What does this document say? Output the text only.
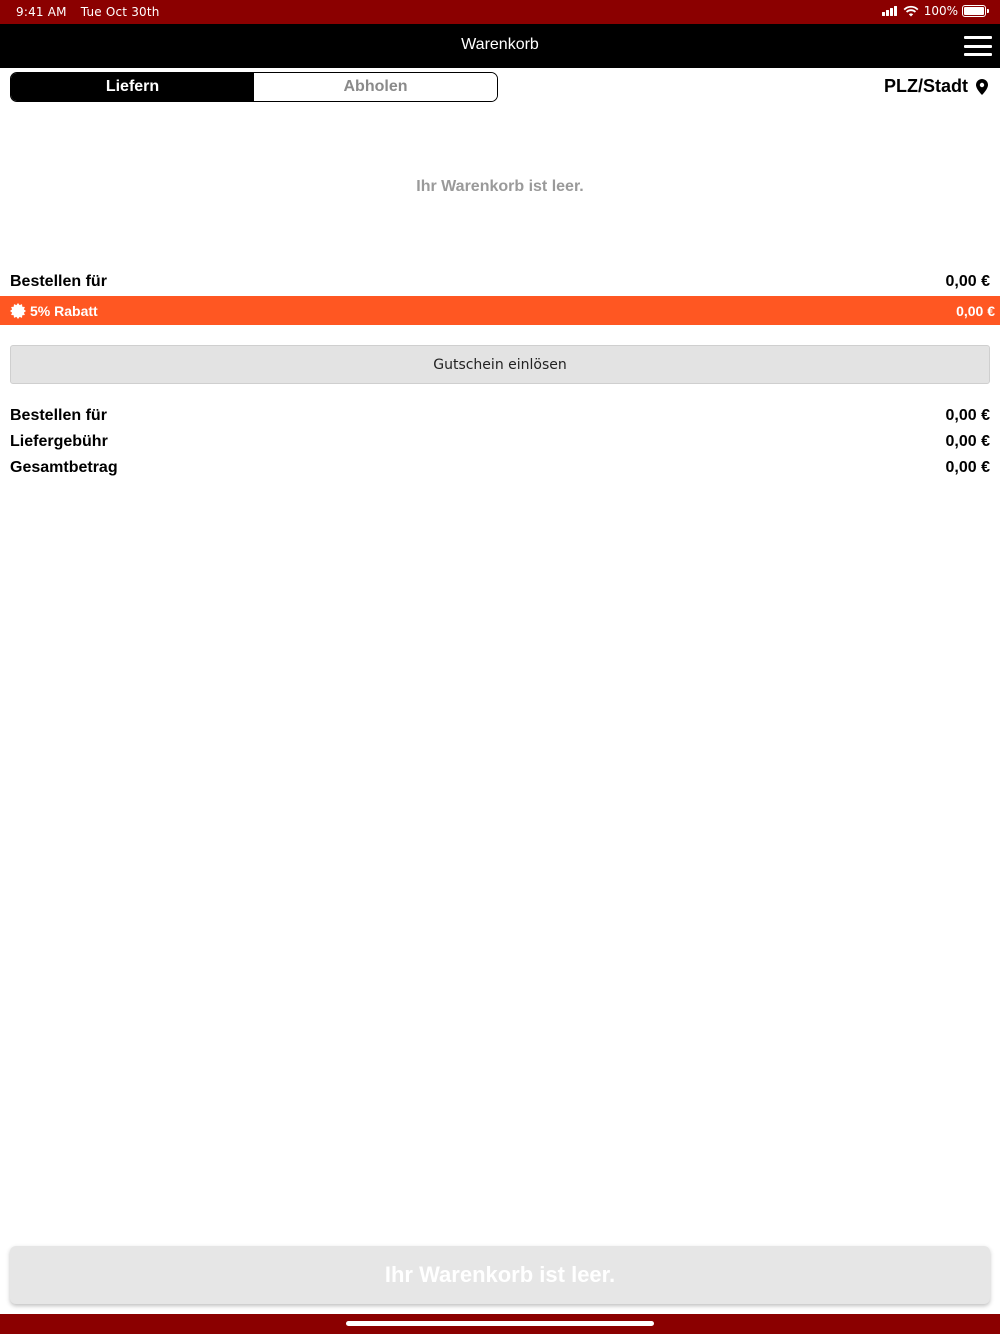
9:41 AM Tue Oct 30th	100%
Warenkorb
Liefern	Abholen	PLZ/Stadt
Ihr Warenkorb ist leer.
Bestellen für	0,00 €
5% Rabatt	0,00 €
Gutschein einlösen
Bestellen für	0,00 €
Liefergebühr	0,00 €
Gesamtbetrag	0,00 €
Ihr Warenkorb ist leer.
